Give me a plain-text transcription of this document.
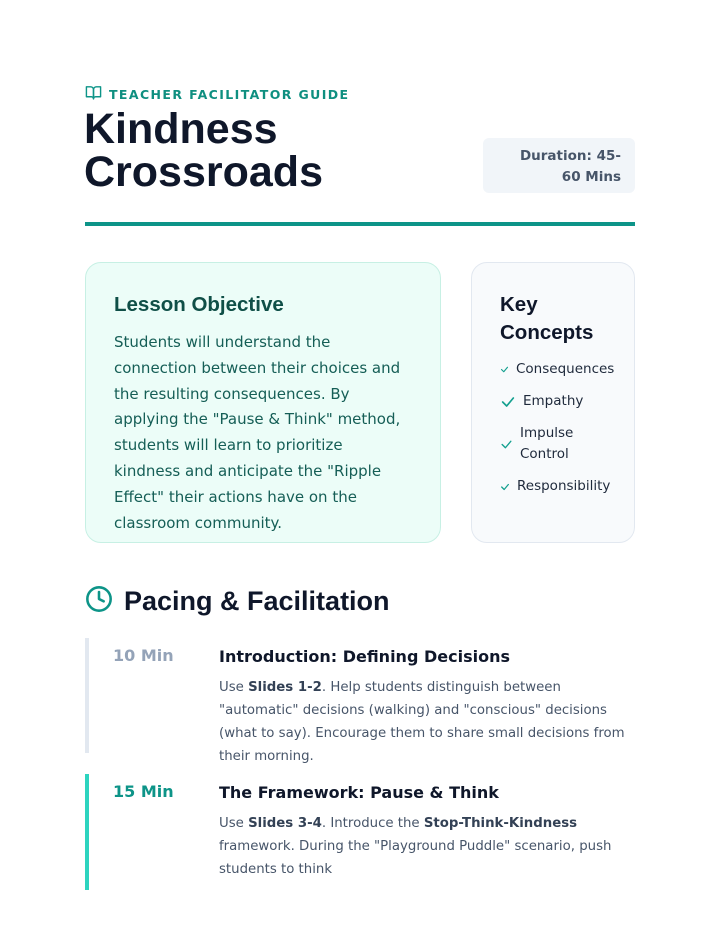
TEACHER FACILITATOR GUIDE
Kindness Crossroads	Duration: 45-60 Mins
Lesson Objective

Students will understand the connection between their choices and the resulting consequences. By applying the "Pause & Think" method, students will learn to prioritize kindness and anticipate the "Ripple Effect" their actions have on the classroom community.

Key Concepts
Consequences
Empathy
Impulse Control
Responsibility
Pacing & Facilitation
10 Min	Introduction: Defining Decisions

Use Slides 1-2. Help students distinguish between "automatic" decisions (walking) and "conscious" decisions (what to say). Encourage them to share small decisions from their morning.

15 Min	The Framework: Pause & Think

Use Slides 3-4. Introduce the Stop-Think-Kindness framework. During the "Playground Puddle" scenario, push students to think
